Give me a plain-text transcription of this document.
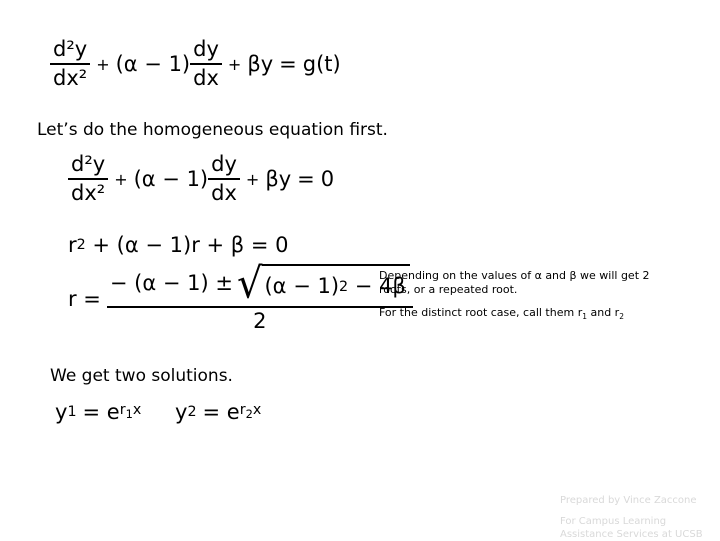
$\frac{\text{d²y}}{\text{dx²}} + (\alpha - 1) \frac{dy}{dx} + \beta y = g(t)$
Let’s do the homogeneous equation first.
$\frac{\text{d²y}}{\text{dx²}} + (\alpha - 1) \frac{dy}{dx} + \beta y = 0$
r 2 + (α − 1)r + β = 0
r =
− (α − 1) ± √ (α − 1) 2 − 4β
2
Depending on the values of α and β we will get 2 roots, or a repeated root.
For the distinct root case, call them $r_1$ and $r_2$
We get two solutions.
y 1 = e $r_1x$ y 2 = e $r_2x$
Prepared by Vince Zaccone
For Campus Learning
Assistance Services at UCSB
